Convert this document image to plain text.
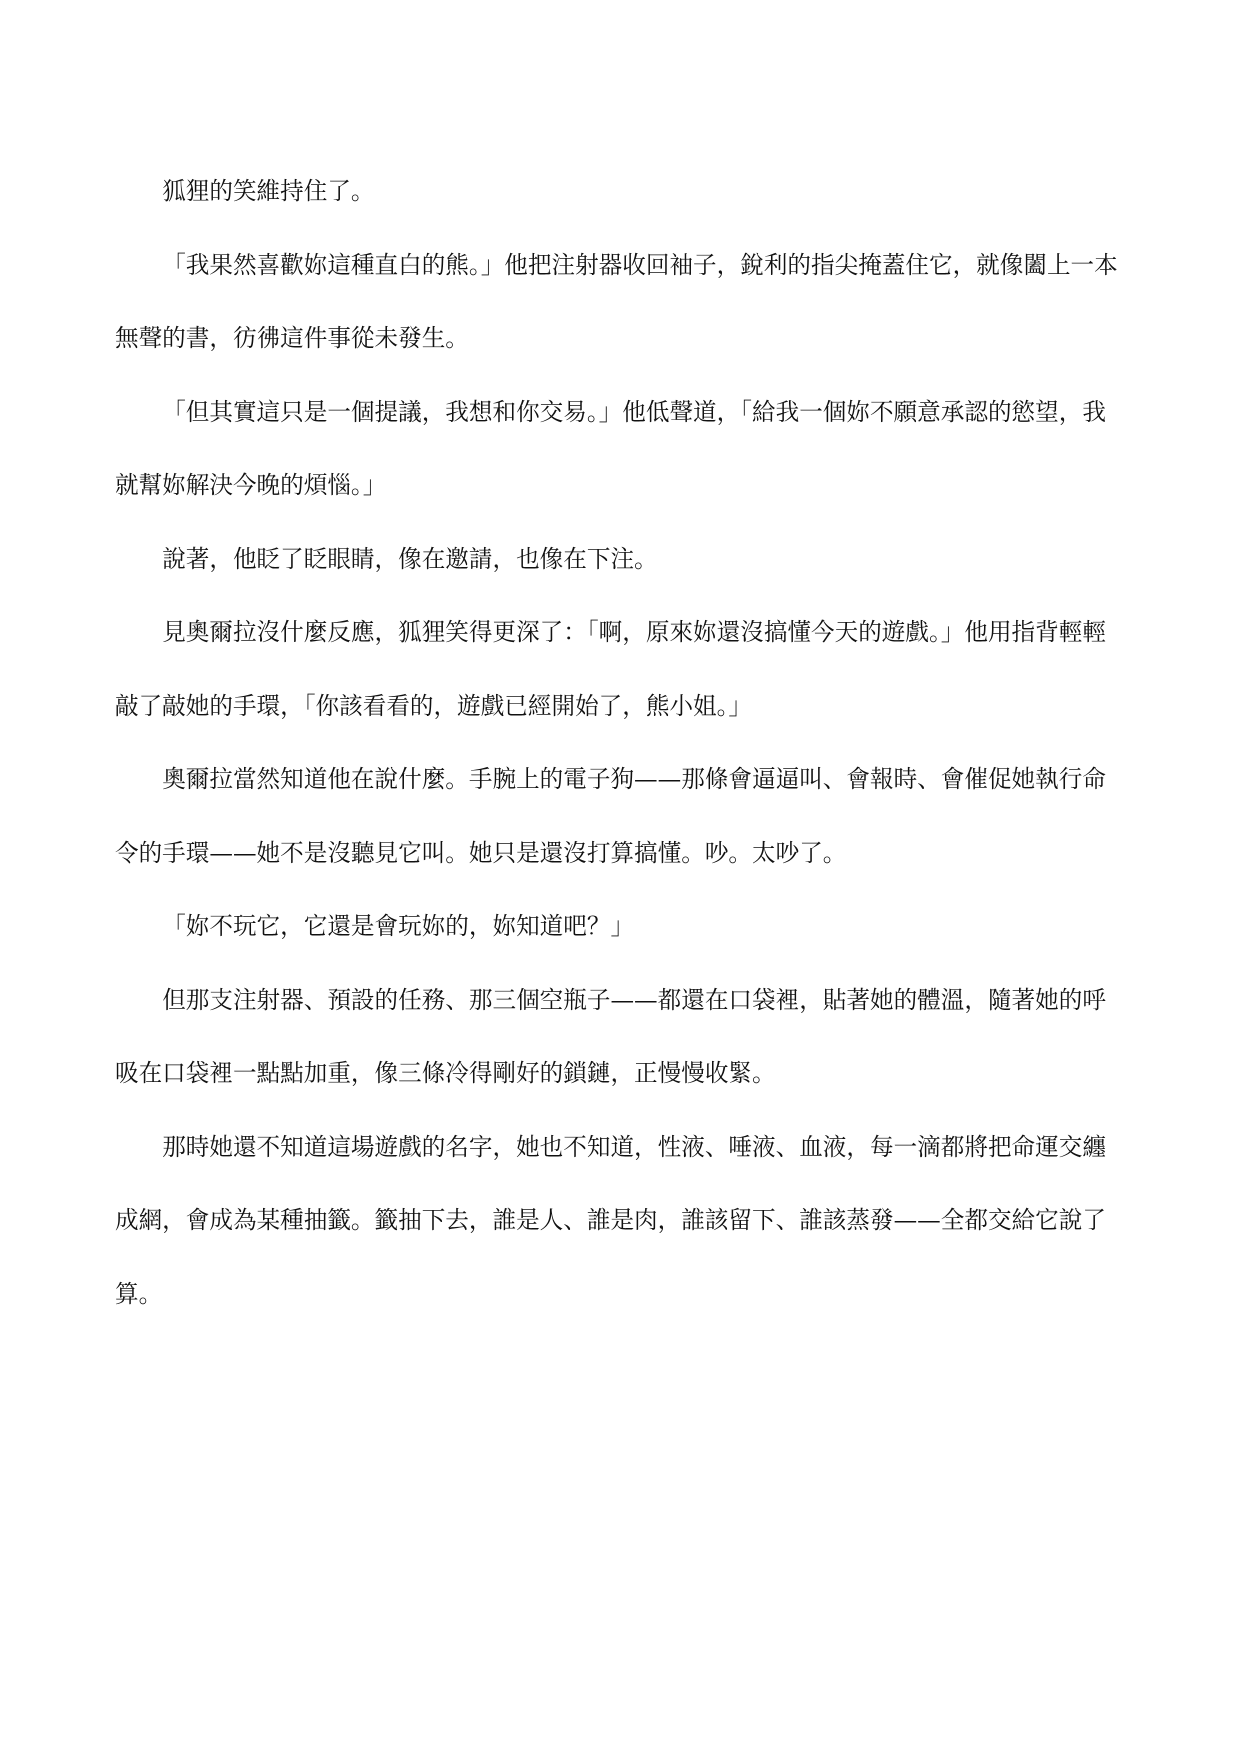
狐狸的笑維持住了。

「我果然喜歡妳這種直白的熊。」他把注射器收回袖子，銳利的指尖掩蓋住它，就像闔上一本無聲的書，彷彿這件事從未發生。

「但其實這只是一個提議，我想和你交易。」他低聲道，「給我一個妳不願意承認的慾望，我就幫妳解決今晚的煩惱。」

說著，他眨了眨眼睛，像在邀請，也像在下注。

見奧爾拉沒什麼反應，狐狸笑得更深了：「啊，原來妳還沒搞懂今天的遊戲。」他用指背輕輕敲了敲她的手環，「你該看看的，遊戲已經開始了，熊小姐。」

奧爾拉當然知道他在說什麼。手腕上的電子狗——那條會逼逼叫、會報時、會催促她執行命令的手環——她不是沒聽見它叫。她只是還沒打算搞懂。吵。太吵了。

「妳不玩它，它還是會玩妳的，妳知道吧？」

但那支注射器、預設的任務、那三個空瓶子——都還在口袋裡，貼著她的體溫，隨著她的呼吸在口袋裡一點點加重，像三條冷得剛好的鎖鏈，正慢慢收緊。

那時她還不知道這場遊戲的名字，她也不知道，性液、唾液、血液，每一滴都將把命運交纏成網，會成為某種抽籤。籤抽下去，誰是人、誰是肉，誰該留下、誰該蒸發——全都交給它說了算。
